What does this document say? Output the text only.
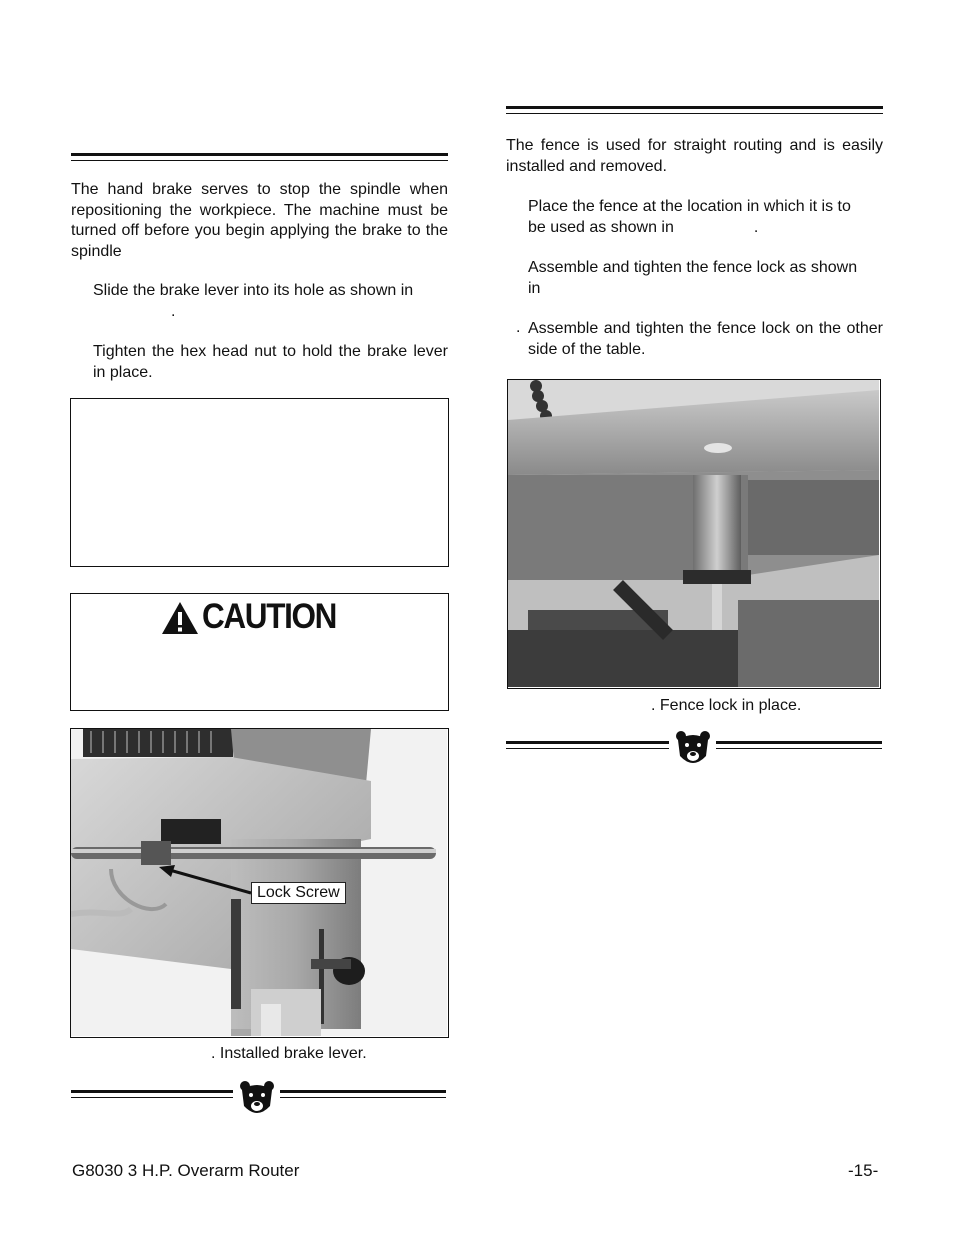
The hand brake serves to stop the spindle when repositioning the workpiece. The machine must be turned off before you begin applying the brake to the spindle

Slide the brake lever into its hole as shown in

.

Tighten the hex head nut to hold the brake lever in place.

CAUTION
Lock Screw
. Installed brake lever.

The fence is used for straight routing and is easily installed and removed.

Place the fence at the location in which it is to

be used as shown in	.

Assemble and tighten the fence lock as shown

in

. Assemble and tighten the fence lock on the other side of the table.

. Fence lock in place.
G8030 3 H.P. Overarm Router	-15-
